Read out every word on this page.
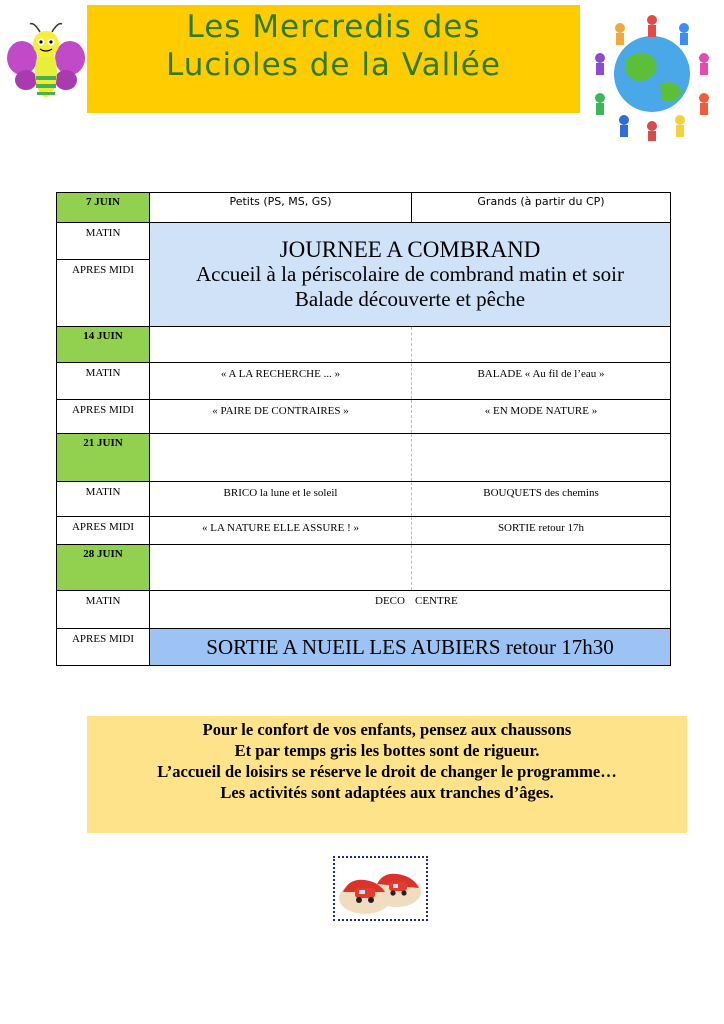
Les Mercredis des
Lucioles de la Vallée
7 JUIN	Petits (PS, MS, GS)	Grands (à partir du CP)
MATIN	JOURNEE A COMBRAND
Accueil à la périscolaire de combrand matin et soir
Balade découverte et pêche	

APRES MIDI		
14 JUIN		
MATIN	« A LA RECHERCHE ... »	BALADE « Au fil de l’eau »
APRES MIDI	« PAIRE DE CONTRAIRES »	« EN MODE NATURE »
21 JUIN		
MATIN	BRICO la lune et le soleil	BOUQUETS des chemins
APRES MIDI	« LA NATURE ELLE ASSURE ! »	SORTIE retour 17h
28 JUIN		
MATIN	DECO CENTRE	

APRES MIDI	SORTIE A NUEIL LES AUBIERS retour 17h30	
Pour le confort de vos enfants, pensez aux chaussons
Et par temps gris les bottes sont de rigueur.
L’accueil de loisirs se réserve le droit de changer le programme…
Les activités sont adaptées aux tranches d’âges.
